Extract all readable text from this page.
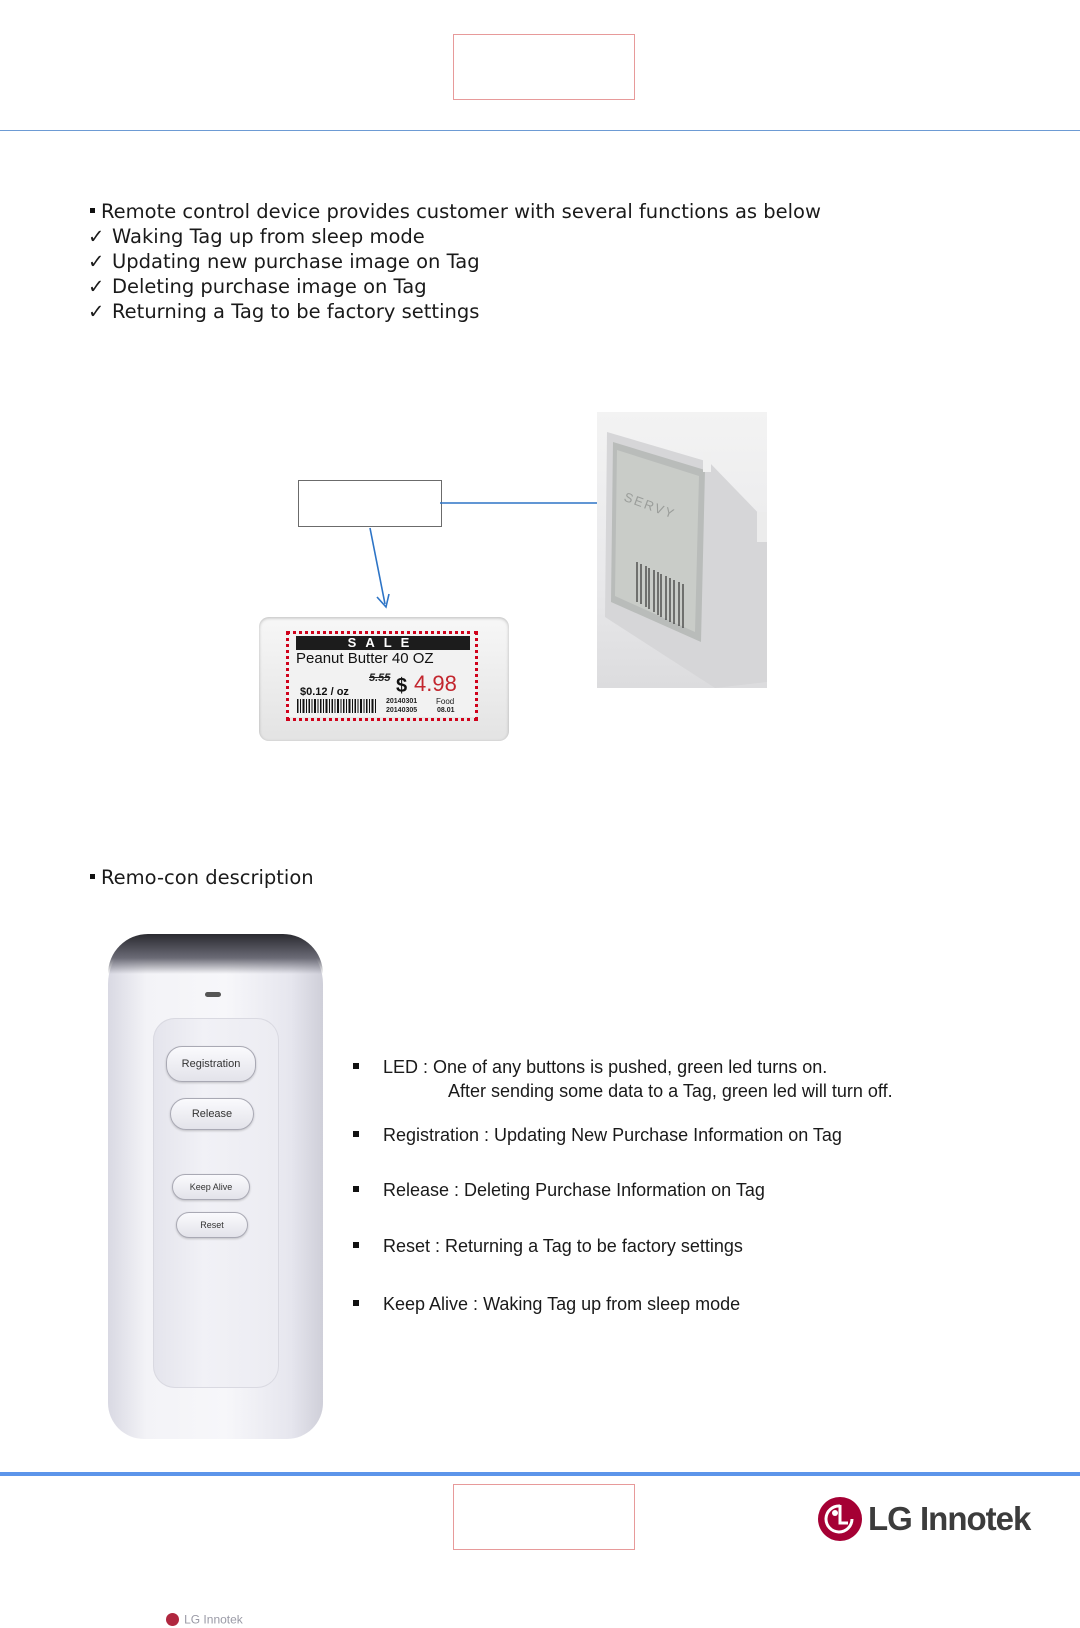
Remote control device provides customer with several functions as below
✓ Waking Tag up from sleep mode
✓ Updating new purchase image on Tag
✓ Deleting purchase image on Tag
✓ Returning a Tag to be factory settings
SERVY
SALE
Peanut Butter 40 OZ
5.55 $ 4.98
$0.12 / oz
20140301
20140305
Food
08.01
Remo-con description
Registration
Release
Keep Alive
Reset
LG Innotek
LED : One of any buttons is pushed, green led turns on.
After sending some data to a Tag, green led will turn off.
Registration : Updating New Purchase Information on Tag
Release : Deleting Purchase Information on Tag
Reset : Returning a Tag to be factory settings
Keep Alive : Waking Tag up from sleep mode
LG Innotek
